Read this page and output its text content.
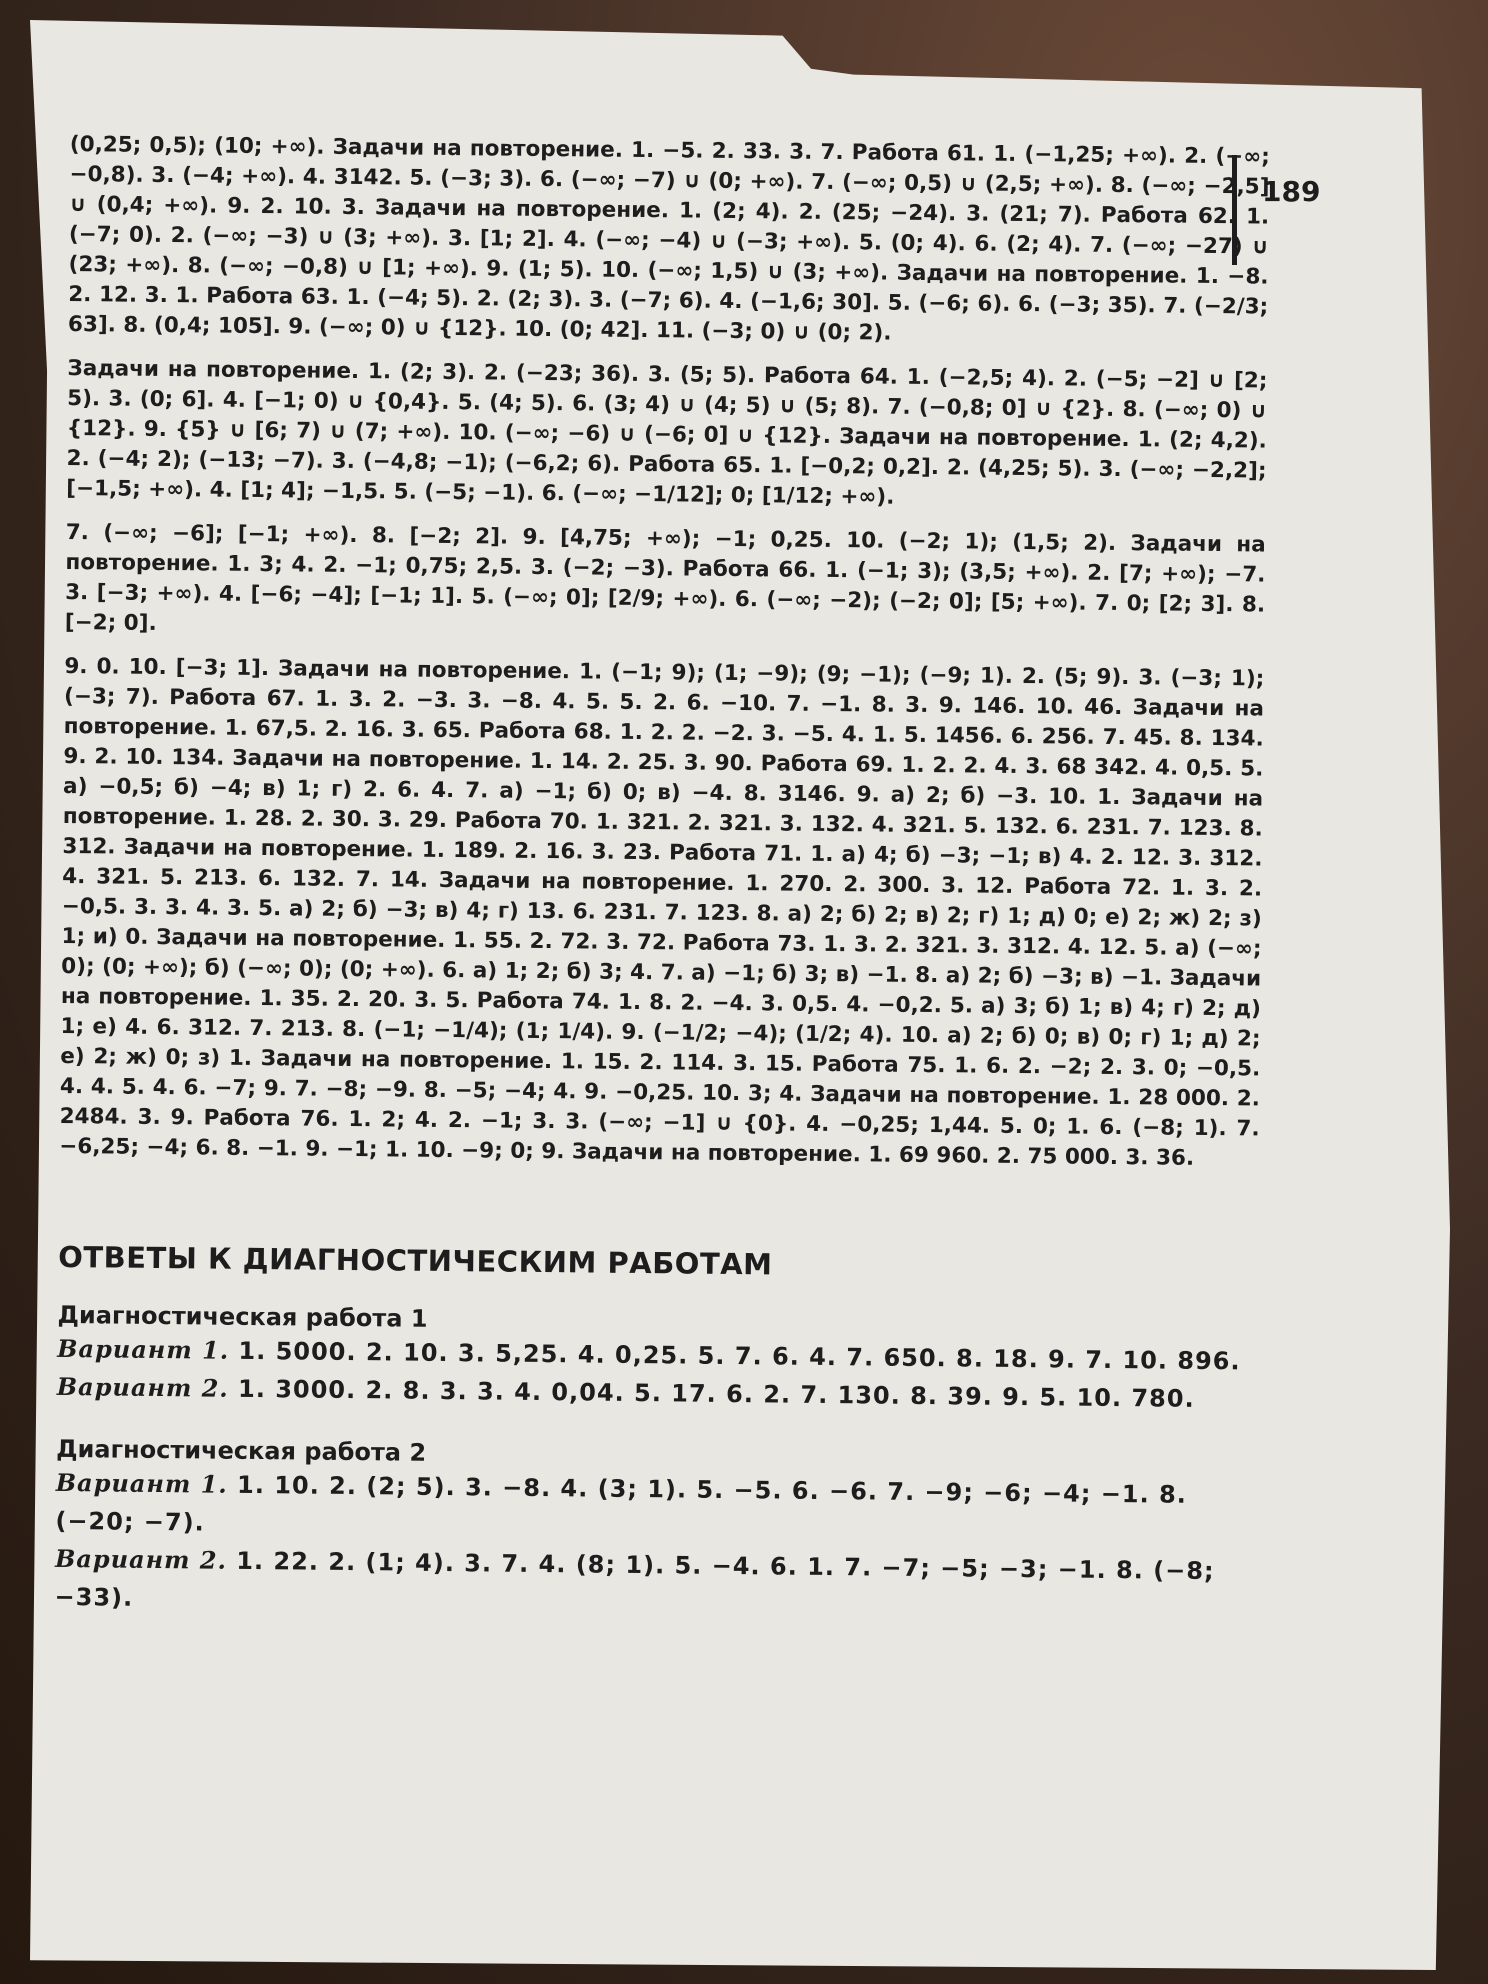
189

(0,25; 0,5); (10; +∞). Задачи на повторение. 1. −5. 2. 33. 3. 7. Работа 61. 1. (−1,25; +∞). 2. (−∞; −0,8). 3. (−4; +∞). 4. 3142. 5. (−3; 3). 6. (−∞; −7) ∪ (0; +∞). 7. (−∞; 0,5) ∪ (2,5; +∞). 8. (−∞; −2,5] ∪ (0,4; +∞). 9. 2. 10. 3. Задачи на повторение. 1. (2; 4). 2. (25; −24). 3. (21; 7). Работа 62. 1. (−7; 0). 2. (−∞; −3) ∪ (3; +∞). 3. [1; 2]. 4. (−∞; −4) ∪ (−3; +∞). 5. (0; 4). 6. (2; 4). 7. (−∞; −27) ∪ (23; +∞). 8. (−∞; −0,8) ∪ [1; +∞). 9. (1; 5). 10. (−∞; 1,5) ∪ (3; +∞). Задачи на повторение. 1. −8. 2. 12. 3. 1. Работа 63. 1. (−4; 5). 2. (2; 3). 3. (−7; 6). 4. (−1,6; 30]. 5. (−6; 6). 6. (−3; 35). 7. (−2/3; 63]. 8. (0,4; 105]. 9. (−∞; 0) ∪ {12}. 10. (0; 42]. 11. (−3; 0) ∪ (0; 2).

Задачи на повторение. 1. (2; 3). 2. (−23; 36). 3. (5; 5). Работа 64. 1. (−2,5; 4). 2. (−5; −2] ∪ [2; 5). 3. (0; 6]. 4. [−1; 0) ∪ {0,4}. 5. (4; 5). 6. (3; 4) ∪ (4; 5) ∪ (5; 8). 7. (−0,8; 0] ∪ {2}. 8. (−∞; 0) ∪ {12}. 9. {5} ∪ [6; 7) ∪ (7; +∞). 10. (−∞; −6) ∪ (−6; 0] ∪ {12}. Задачи на повторение. 1. (2; 4,2). 2. (−4; 2); (−13; −7). 3. (−4,8; −1); (−6,2; 6). Работа 65. 1. [−0,2; 0,2]. 2. (4,25; 5). 3. (−∞; −2,2]; [−1,5; +∞). 4. [1; 4]; −1,5. 5. (−5; −1). 6. (−∞; −1/12]; 0; [1/12; +∞).

7. (−∞; −6]; [−1; +∞). 8. [−2; 2]. 9. [4,75; +∞); −1; 0,25. 10. (−2; 1); (1,5; 2). Задачи на повторение. 1. 3; 4. 2. −1; 0,75; 2,5. 3. (−2; −3). Работа 66. 1. (−1; 3); (3,5; +∞). 2. [7; +∞); −7. 3. [−3; +∞). 4. [−6; −4]; [−1; 1]. 5. (−∞; 0]; [2/9; +∞). 6. (−∞; −2); (−2; 0]; [5; +∞). 7. 0; [2; 3]. 8. [−2; 0].

9. 0. 10. [−3; 1]. Задачи на повторение. 1. (−1; 9); (1; −9); (9; −1); (−9; 1). 2. (5; 9). 3. (−3; 1); (−3; 7). Работа 67. 1. 3. 2. −3. 3. −8. 4. 5. 5. 2. 6. −10. 7. −1. 8. 3. 9. 146. 10. 46. Задачи на повторение. 1. 67,5. 2. 16. 3. 65. Работа 68. 1. 2. 2. −2. 3. −5. 4. 1. 5. 1456. 6. 256. 7. 45. 8. 134. 9. 2. 10. 134. Задачи на повторение. 1. 14. 2. 25. 3. 90. Работа 69. 1. 2. 2. 4. 3. 68 342. 4. 0,5. 5. а) −0,5; б) −4; в) 1; г) 2. 6. 4. 7. а) −1; б) 0; в) −4. 8. 3146. 9. а) 2; б) −3. 10. 1. Задачи на повторение. 1. 28. 2. 30. 3. 29. Работа 70. 1. 321. 2. 321. 3. 132. 4. 321. 5. 132. 6. 231. 7. 123. 8. 312. Задачи на повторение. 1. 189. 2. 16. 3. 23. Работа 71. 1. а) 4; б) −3; −1; в) 4. 2. 12. 3. 312. 4. 321. 5. 213. 6. 132. 7. 14. Задачи на повторение. 1. 270. 2. 300. 3. 12. Работа 72. 1. 3. 2. −0,5. 3. 3. 4. 3. 5. а) 2; б) −3; в) 4; г) 13. 6. 231. 7. 123. 8. а) 2; б) 2; в) 2; г) 1; д) 0; е) 2; ж) 2; з) 1; и) 0. Задачи на повторение. 1. 55. 2. 72. 3. 72. Работа 73. 1. 3. 2. 321. 3. 312. 4. 12. 5. а) (−∞; 0); (0; +∞); б) (−∞; 0); (0; +∞). 6. а) 1; 2; б) 3; 4. 7. а) −1; б) 3; в) −1. 8. а) 2; б) −3; в) −1. Задачи на повторение. 1. 35. 2. 20. 3. 5. Работа 74. 1. 8. 2. −4. 3. 0,5. 4. −0,2. 5. а) 3; б) 1; в) 4; г) 2; д) 1; е) 4. 6. 312. 7. 213. 8. (−1; −1/4); (1; 1/4). 9. (−1/2; −4); (1/2; 4). 10. а) 2; б) 0; в) 0; г) 1; д) 2; е) 2; ж) 0; з) 1. Задачи на повторение. 1. 15. 2. 114. 3. 15. Работа 75. 1. 6. 2. −2; 2. 3. 0; −0,5. 4. 4. 5. 4. 6. −7; 9. 7. −8; −9. 8. −5; −4; 4. 9. −0,25. 10. 3; 4. Задачи на повторение. 1. 28 000. 2. 2484. 3. 9. Работа 76. 1. 2; 4. 2. −1; 3. 3. (−∞; −1] ∪ {0}. 4. −0,25; 1,44. 5. 0; 1. 6. (−8; 1). 7. −6,25; −4; 6. 8. −1. 9. −1; 1. 10. −9; 0; 9. Задачи на повторение. 1. 69 960. 2. 75 000. 3. 36.

ОТВЕТЫ К ДИАГНОСТИЧЕСКИМ РАБОТАМ
Диагностическая работа 1
Вариант 1. 1. 5000. 2. 10. 3. 5,25. 4. 0,25. 5. 7. 6. 4. 7. 650. 8. 18. 9. 7. 10. 896.
Вариант 2. 1. 3000. 2. 8. 3. 3. 4. 0,04. 5. 17. 6. 2. 7. 130. 8. 39. 9. 5. 10. 780.
Диагностическая работа 2
Вариант 1. 1. 10. 2. (2; 5). 3. −8. 4. (3; 1). 5. −5. 6. −6. 7. −9; −6; −4; −1. 8. (−20; −7).
Вариант 2. 1. 22. 2. (1; 4). 3. 7. 4. (8; 1). 5. −4. 6. 1. 7. −7; −5; −3; −1. 8. (−8; −33).
